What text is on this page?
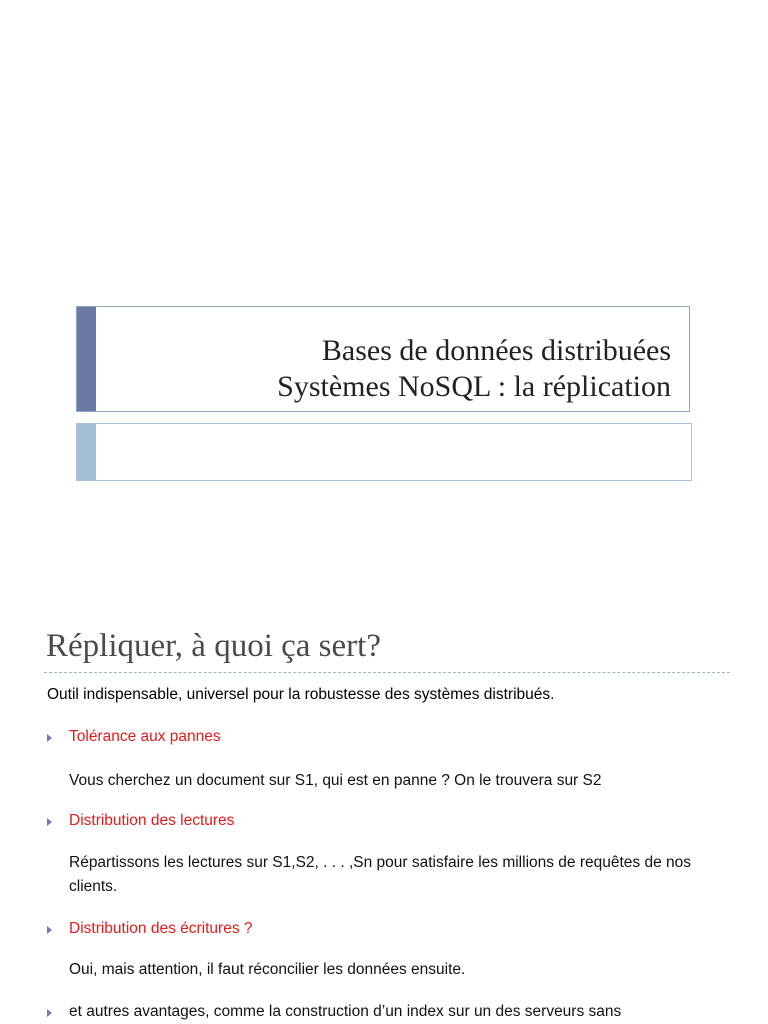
Bases de données distribuées
Systèmes NoSQL : la réplication
Répliquer, à quoi ça sert?
Outil indispensable, universel pour la robustesse des systèmes distribués.
Tolérance aux pannes
Vous cherchez un document sur S1, qui est en panne ? On le trouvera sur S2
Distribution des lectures
Répartissons les lectures sur S1,S2, . . . ,Sn pour satisfaire les millions de requêtes de nos clients.
Distribution des écritures ?
Oui, mais attention, il faut réconcilier les données ensuite.
et autres avantages, comme la construction d’un index sur un des serveurs sans
